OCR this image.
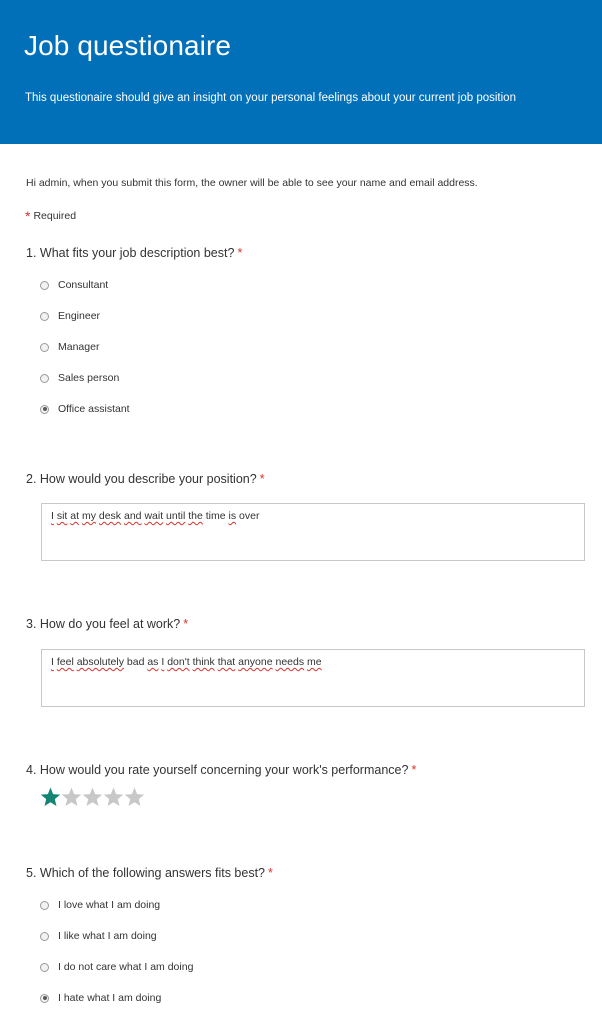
Job questionaire
This questionaire should give an insight on your personal feelings about your current job position
Hi admin, when you submit this form, the owner will be able to see your name and email address.
* Required
1. What fits your job description best? *
Consultant
Engineer
Manager
Sales person
Office assistant
2. How would you describe your position? *
I sit at my desk and wait until the time is over
3. How do you feel at work? *
I feel absolutely bad as I don't think that anyone needs me
4. How would you rate yourself concerning your work's performance? *
5. Which of the following answers fits best? *
I love what I am doing
I like what I am doing
I do not care what I am doing
I hate what I am doing
